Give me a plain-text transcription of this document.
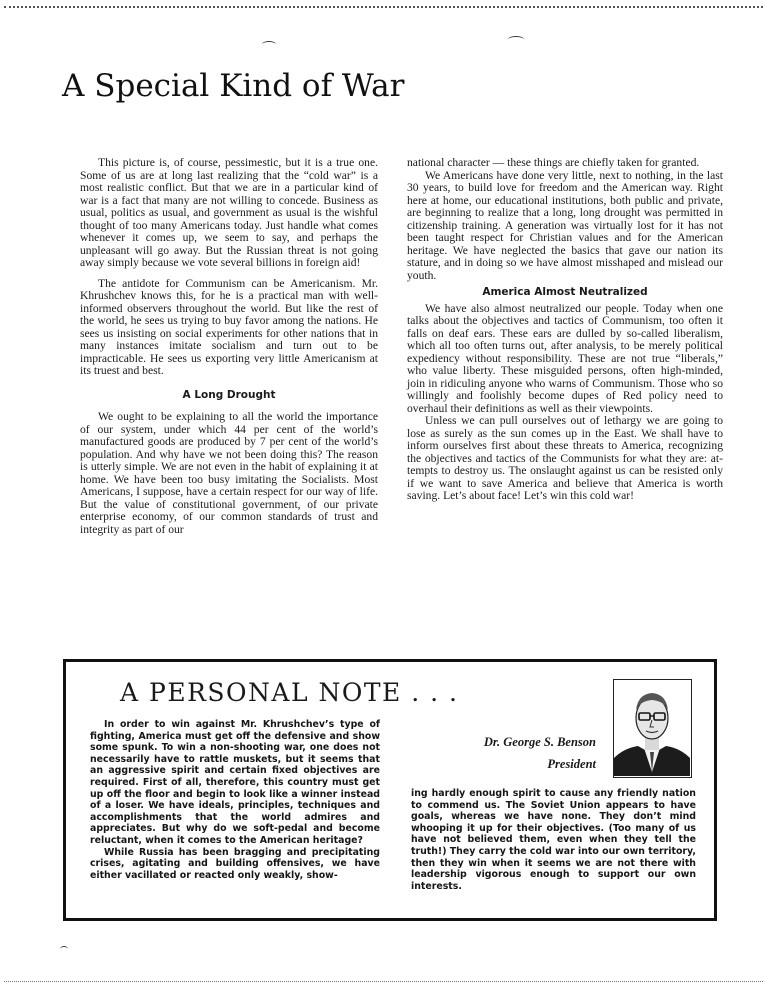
A Special Kind of War

This picture is, of course, pessimestic, but it is a true one. Some of us are at long last realizing that the “cold war” is a most realistic conflict. But that we are in a particular kind of war is a fact that many are not willing to concede. Business as usual, politics as usual, and government as usual is the wishful thought of too many Americans today. Just handle what comes whenever it comes up, we seem to say, and perhaps the unpleasant will go away. But the Russian threat is not going away simply because we vote several billions in foreign aid!

The antidote for Communism can be Americanism. Mr. Khrushchev knows this, for he is a practical man with well-informed observers throughout the world. But like the rest of the world, he sees us trying to buy favor among the nations. He sees us insisting on social experiments for other nations that in many instances imitate socialism and turn out to be impracticable. He sees us exporting very little Americanism at its truest and best.

A Long Drought

We ought to be explaining to all the world the importance of our system, under which 44 per cent of the world’s manufactured goods are produced by 7 per cent of the world’s population. And why have we not been doing this? The reason is utterly simple. We are not even in the habit of explaining it at home. We have been too busy imitating the Socialists. Most Americans, I suppose, have a certain respect for our way of life. But the value of constitutional government, of our private enterprise economy, of our common standards of trust and integrity as part of our

national character — these things are chiefly taken for granted.

We Americans have done very little, next to nothing, in the last 30 years, to build love for freedom and the American way. Right here at home, our educational institutions, both public and private, are beginning to realize that a long, long drought was permitted in citizenship training. A generation was virtually lost for it has not been taught respect for Christian values and for the American heritage. We have neglected the basics that gave our nation its stature, and in doing so we have almost misshaped and mislead our youth.

America Almost Neutralized

We have also almost neutralized our people. Today when one talks about the objectives and tactics of Communism, too often it falls on deaf ears. These ears are dulled by so-called liberalism, which all too often turns out, after analysis, to be merely political expediency without responsibility. These are not true “liberals,” who value liberty. These misguided persons, often high-minded, join in ridiculing anyone who warns of Communism. Those who so willingly and foolishly become dupes of Red policy need to overhaul their definitions as well as their viewpoints.

Unless we can pull ourselves out of lethargy we are going to lose as surely as the sun comes up in the East. We shall have to inform ourselves first about these threats to America, recognizing the objectives and tactics of the Communists for what they are: attempts to destroy us. The onslaught against us can be resisted only if we want to save America and believe that America is worth saving. Let’s about face! Let’s win this cold war!

A PERSONAL NOTE . . .

In order to win against Mr. Khrushchev’s type of fighting, America must get off the defensive and show some spunk. To win a non-shooting war, one does not necessarily have to rattle muskets, but it seems that an aggressive spirit and certain fixed objectives are required. First of all, therefore, this country must get up off the floor and begin to look like a winner instead of a loser. We have ideals, principles, techniques and accomplishments that the world admires and appreciates. But why do we soft-pedal and become reluctant, when it comes to the American heritage?

While Russia has been bragging and precipitating crises, agitating and building offensives, we have either vacillated or reacted only weakly, show-

Dr. George S. Benson
President

ing hardly enough spirit to cause any friendly nation to commend us. The Soviet Union appears to have goals, whereas we have none. They don’t mind whooping it up for their objectives. (Too many of us have not believed them, even when they tell the truth!) They carry the cold war into our own territory, then they win when it seems we are not there with leadership vigorous enough to support our own interests.
